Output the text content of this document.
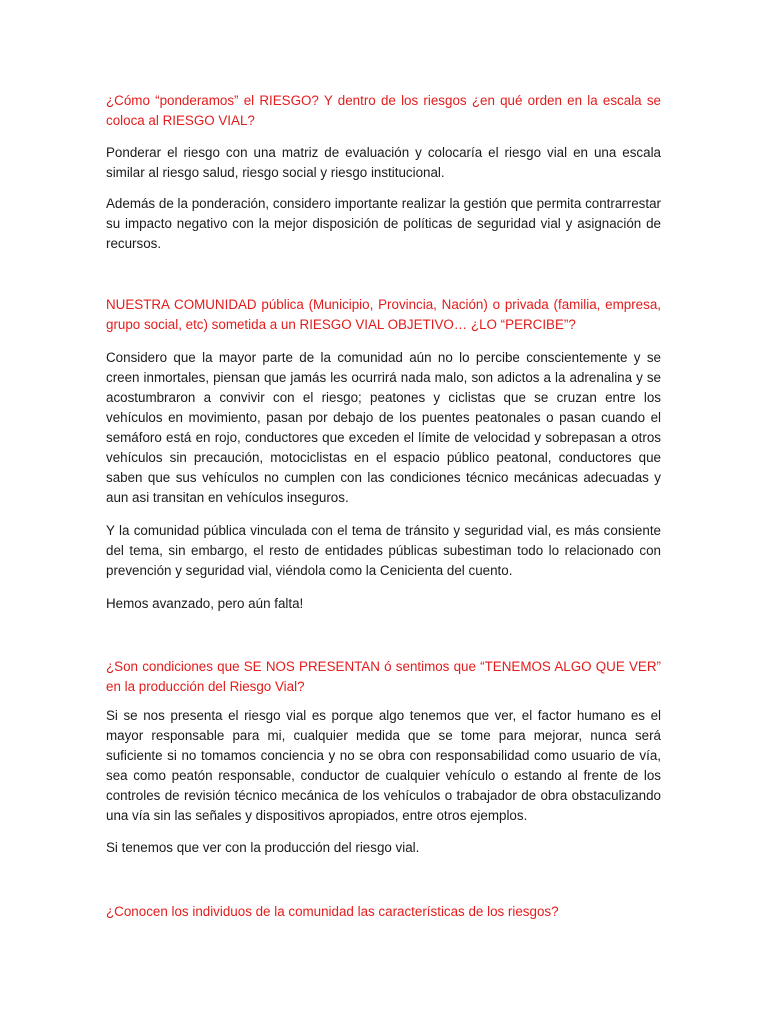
¿Cómo “ponderamos” el RIESGO? Y dentro de los riesgos ¿en qué orden en la escala se coloca al RIESGO VIAL?

Ponderar el riesgo con una matriz de evaluación y colocaría el riesgo vial en una escala similar al riesgo salud, riesgo social y riesgo institucional.

Además de la ponderación, considero importante realizar la gestión que permita contrarrestar su impacto negativo con la mejor disposición de políticas de seguridad vial y asignación de recursos.

NUESTRA COMUNIDAD pública (Municipio, Provincia, Nación) o privada (familia, empresa, grupo social, etc) sometida a un RIESGO VIAL OBJETIVO… ¿LO “PERCIBE”?

Considero que la mayor parte de la comunidad aún no lo percibe conscientemente y se creen inmortales, piensan que jamás les ocurrirá nada malo, son adictos a la adrenalina y se acostumbraron a convivir con el riesgo; peatones y ciclistas que se cruzan entre los vehículos en movimiento, pasan por debajo de los puentes peatonales o pasan cuando el semáforo está en rojo, conductores que exceden el límite de velocidad y sobrepasan a otros vehículos sin precaución, motociclistas en el espacio público peatonal, conductores que saben que sus vehículos no cumplen con las condiciones técnico mecánicas adecuadas y aun asi transitan en vehículos inseguros.

Y la comunidad pública vinculada con el tema de tránsito y seguridad vial, es más consiente del tema, sin embargo, el resto de entidades públicas subestiman todo lo relacionado con prevención y seguridad vial, viéndola como la Cenicienta del cuento.

Hemos avanzado, pero aún falta!

¿Son condiciones que SE NOS PRESENTAN ó sentimos que “TENEMOS ALGO QUE VER” en la producción del Riesgo Vial?

Si se nos presenta el riesgo vial es porque algo tenemos que ver, el factor humano es el mayor responsable para mi, cualquier medida que se tome para mejorar, nunca será suficiente si no tomamos conciencia y no se obra con responsabilidad como usuario de vía, sea como peatón responsable, conductor de cualquier vehículo o estando al frente de los controles de revisión técnico mecánica de los vehículos o trabajador de obra obstaculizando una vía sin las señales y dispositivos apropiados, entre otros ejemplos.

Si tenemos que ver con la producción del riesgo vial.

¿Conocen los individuos de la comunidad las características de los riesgos?
